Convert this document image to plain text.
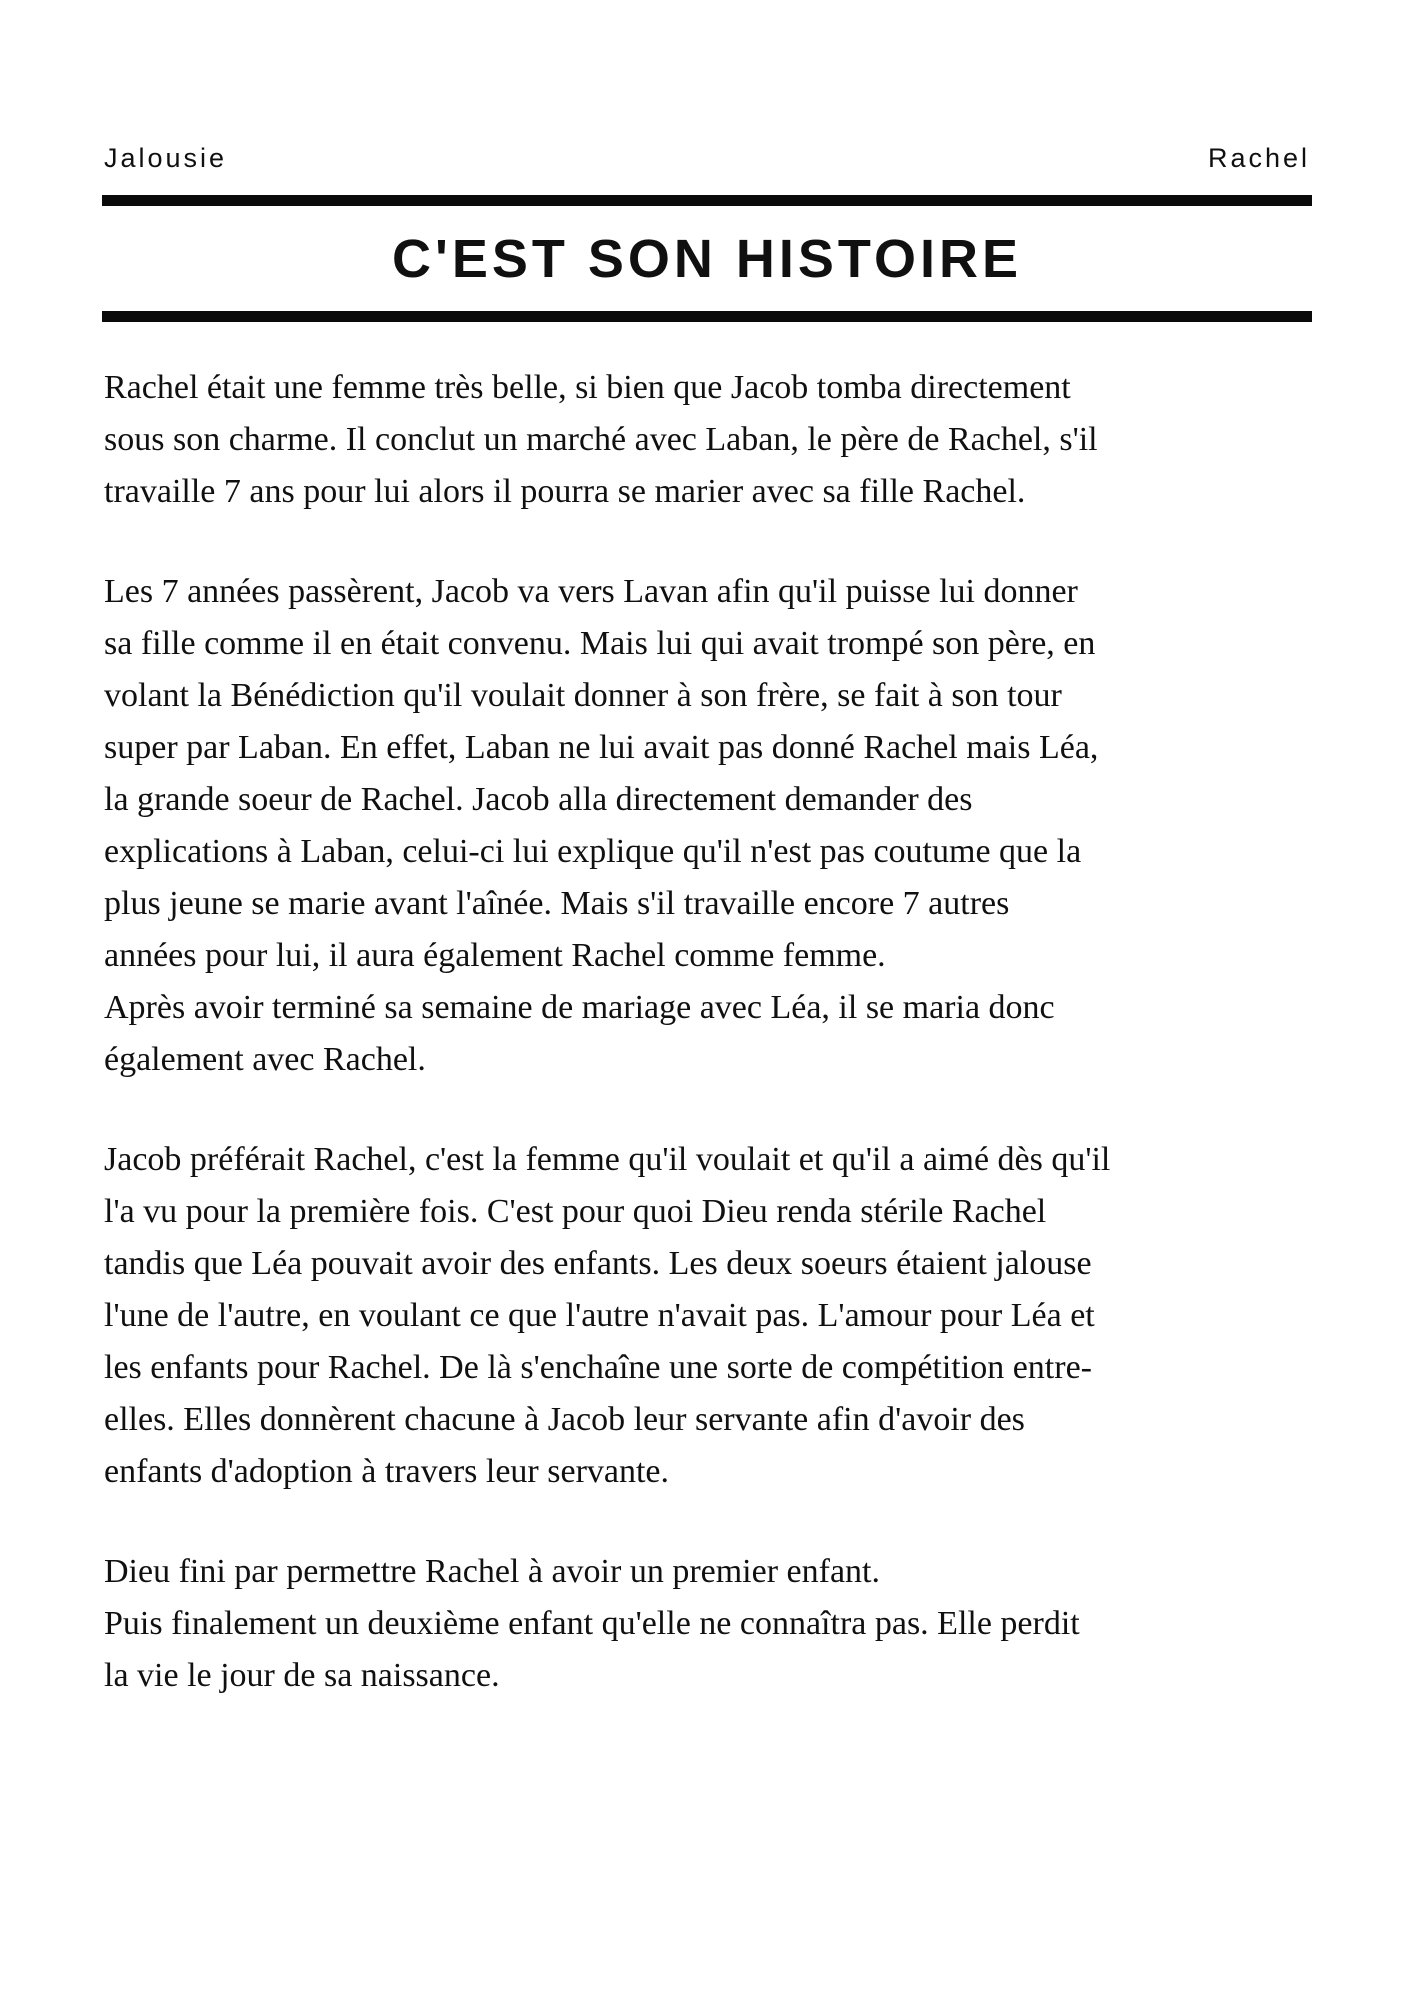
Jalousie	Rachel
C'EST SON HISTOIRE
Rachel était une femme très belle, si bien que Jacob tomba directement
sous son charme. Il conclut un marché avec Laban, le père de Rachel, s'il
travaille 7 ans pour lui alors il pourra se marier avec sa fille Rachel.
Les 7 années passèrent, Jacob va vers Lavan afin qu'il puisse lui donner
sa fille comme il en était convenu. Mais lui qui avait trompé son père, en
volant la Bénédiction qu'il voulait donner à son frère, se fait à son tour
super par Laban. En effet, Laban ne lui avait pas donné Rachel mais Léa,
la grande soeur de Rachel. Jacob alla directement demander des
explications à Laban, celui-ci lui explique qu'il n'est pas coutume que la
plus jeune se marie avant l'aînée. Mais s'il travaille encore 7 autres
années pour lui, il aura également Rachel comme femme.
Après avoir terminé sa semaine de mariage avec Léa, il se maria donc
également avec Rachel.
Jacob préférait Rachel, c'est la femme qu'il voulait et qu'il a aimé dès qu'il
l'a vu pour la première fois. C'est pour quoi Dieu renda stérile Rachel
tandis que Léa pouvait avoir des enfants. Les deux soeurs étaient jalouse
l'une de l'autre, en voulant ce que l'autre n'avait pas. L'amour pour Léa et
les enfants pour Rachel. De là s'enchaîne une sorte de compétition entre-
elles. Elles donnèrent chacune à Jacob leur servante afin d'avoir des
enfants d'adoption à travers leur servante.
Dieu fini par permettre Rachel à avoir un premier enfant.
Puis finalement un deuxième enfant qu'elle ne connaîtra pas. Elle perdit
la vie le jour de sa naissance.
